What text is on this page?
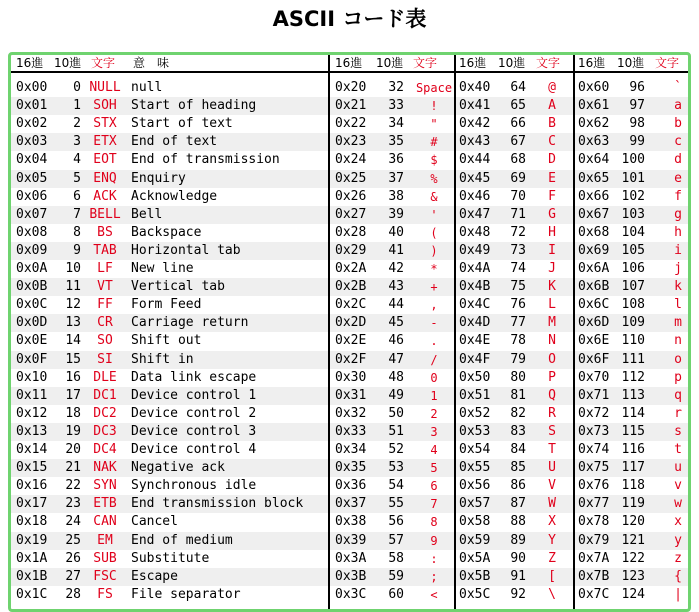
ASCII コード表
16進 10進 文字 意　味
0x00	0 NULL null
0x01	1 SOH	Start of heading
0x02	2 STX	Start of text
0x03	3 ETX	End of text
0x04	4 EOT	End of transmission
0x05	5 ENQ	Enquiry
0x06	6 ACK	Acknowledge
0x07	7 BELL Bell
0x08	8	BS	Backspace
0x09	9 TAB	Horizontal tab
0x0A	10	LF	New line
0x0B	11	VT	Vertical tab
0x0C	12	FF	Form Feed
0x0D	13	CR	Carriage return
0x0E	14	SO	Shift out
0x0F	15	SI	Shift in
0x10	16 DLE	Data link escape
0x11	17 DC1	Device control 1
0x12	18 DC2	Device control 2
0x13	19 DC3	Device control 3
0x14	20 DC4	Device control 4
0x15	21 NAK	Negative ack
0x16	22 SYN	Synchronous idle
0x17	23 ETB	End transmission block
0x18	24 CAN	Cancel
0x19	25	EM	End of medium
0x1A	26 SUB	Substitute
0x1B	27 FSC	Escape
0x1C	28	FS	File separator
16進 10進 文字
0x20	32 Space
0x21	33	!
0x22	34	"
0x23	35	#
0x24	36	$
0x25	37	%
0x26	38	&
0x27	39	'
0x28	40	(
0x29	41	)
0x2A	42	*
0x2B	43	+
0x2C	44	,
0x2D	45	-
0x2E	46	.
0x2F	47	/
0x30	48	0
0x31	49	1
0x32	50	2
0x33	51	3
0x34	52	4
0x35	53	5
0x36	54	6
0x37	55	7
0x38	56	8
0x39	57	9
0x3A	58	:
0x3B	59	;
0x3C	60	<
16進 10進 文字
0x40	64	@
0x41	65	A
0x42	66	B
0x43	67	C
0x44	68	D
0x45	69	E
0x46	70	F
0x47	71	G
0x48	72	H
0x49	73	I
0x4A	74	J
0x4B	75	K
0x4C	76	L
0x4D	77	M
0x4E	78	N
0x4F	79	O
0x50	80	P
0x51	81	Q
0x52	82	R
0x53	83	S
0x54	84	T
0x55	85	U
0x56	86	V
0x57	87	W
0x58	88	X
0x59	89	Y
0x5A	90	Z
0x5B	91	[
0x5C	92	\
16進 10進 文字
0x60	96	`
0x61	97	a
0x62	98	b
0x63	99	c
0x64 100	d
0x65 101	e
0x66 102	f
0x67 103	g
0x68 104	h
0x69 105	i
0x6A 106	j
0x6B 107	k
0x6C 108	l
0x6D 109	m
0x6E 110	n
0x6F 111	o
0x70 112	p
0x71 113	q
0x72 114	r
0x73 115	s
0x74 116	t
0x75 117	u
0x76 118	v
0x77 119	w
0x78 120	x
0x79 121	y
0x7A 122	z
0x7B 123	{
0x7C 124	|
